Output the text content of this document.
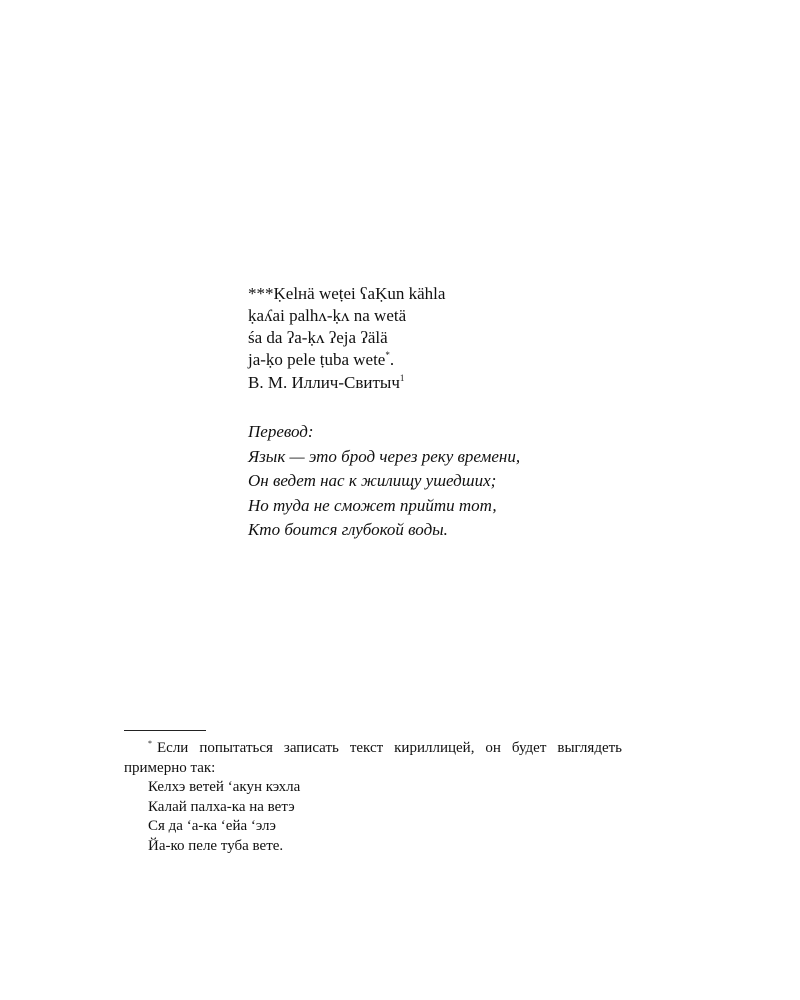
***Ḳelʜä weṭei ʕaḲun kähla
ḳaʎai palhʌ-ḳʌ na wetä
śa da ʔa-ḳʌ ʔeja ʔälä
ja-ḳo pele ṭuba wete*.
В. М. Иллич-Свитыч$^1$
Перевод:
Язык — это брод через реку времени,
Он ведет нас к жилищу ушедших;
Но туда не сможет прийти тот,
Кто боится глубокой воды.
* Если попытаться записать текст кириллицей, он будет выглядеть примерно так:
Келхэ ветей ‘акун кэхла
Калай палха-ка на ветэ
Ся да ‘а-ка ‘ейа ‘элэ
Йа-ко пеле туба вете.
